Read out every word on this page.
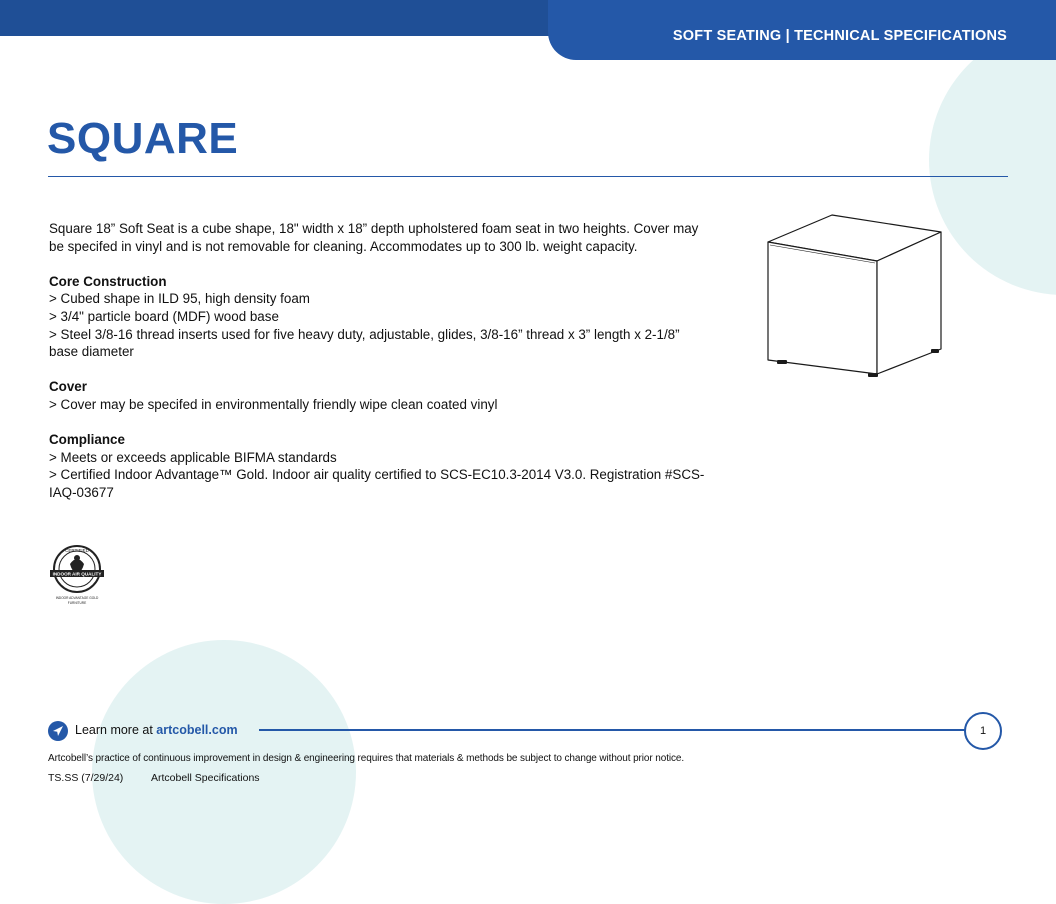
SOFT SEATING | TECHNICAL SPECIFICATIONS
SQUARE

Square 18” Soft Seat is a cube shape, 18" width x 18” depth upholstered foam seat in two heights. Cover may be specifed in vinyl and is not removable for cleaning. Accommodates up to 300 lb. weight capacity.

Core Construction

> Cubed shape in ILD 95, high density foam

> 3/4" particle board (MDF) wood base

> Steel 3/8-16 thread inserts used for five heavy duty, adjustable, glides, 3/8-16” thread x 3” length x 2-1/8” base diameter

Cover

> Cover may be specifed in environmentally friendly wipe clean coated vinyl

Compliance

> Meets or exceeds applicable BIFMA standards

> Certified Indoor Advantage™ Gold. Indoor air quality certified to SCS-EC10.3-2014 V3.0. Registration #SCS-IAQ-03677

CERTIFIED
INDOOR AIR QUALITY
INDOOR ADVANTAGE GOLD
FURNITURE
Learn more at artcobell.com	1
Artcobell’s practice of continuous improvement in design & engineering requires that materials & methods be subject to change without prior notice.
TS.SS (7/29/24)	Artcobell Specifications
